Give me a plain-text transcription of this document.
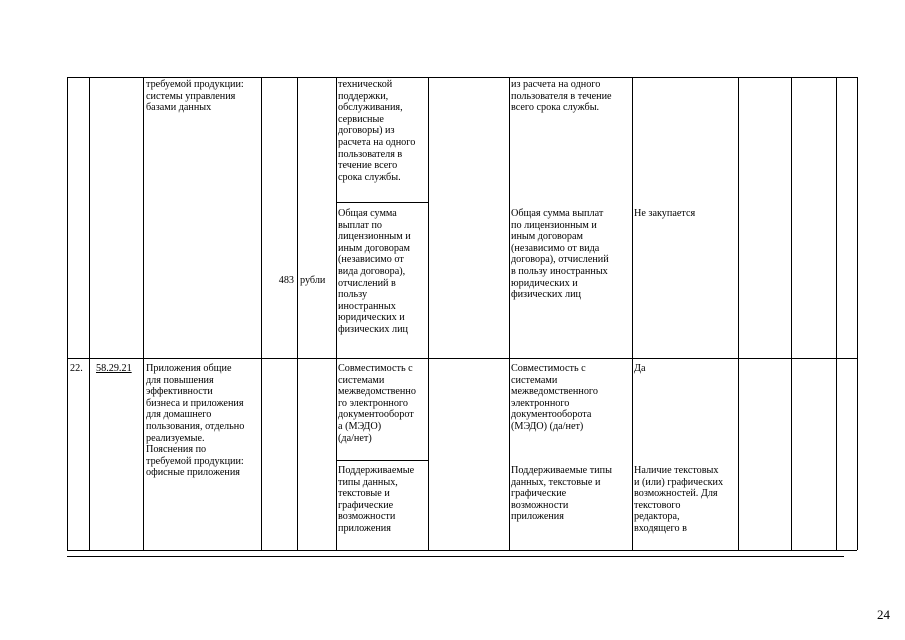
требуемой продукции:
системы управления
базами данных
технической
поддержки,
обслуживания,
сервисные
договоры) из
расчета на одного
пользователя в
течение всего
срока службы.
из расчета на одного
пользователя в течение
всего срока службы.
483 рубли
Общая сумма
выплат по
лицензионным и
иным договорам
(независимо от
вида договора),
отчислений в
пользу
иностранных
юридических и
физических лиц
Общая сумма выплат
по лицензионным и
иным договорам
(независимо от вида
договора), отчислений
в пользу иностранных
юридических и
физических лиц
Не закупается
22.	58.29.21	Приложения общие
для повышения
эффективности
бизнеса и приложения
для домашнего
пользования, отдельно
реализуемые.
Пояснения по
требуемой продукции:
офисные приложения
Совместимость с
системами
межведомственно
го электронного
документооборот
а (МЭДО)
(да/нет)
Совместимость с
системами
межведомственного
электронного
документооборота
(МЭДО) (да/нет)
Да
Поддерживаемые
типы данных,
текстовые и
графические
возможности
приложения
Поддерживаемые типы
данных, текстовые и
графические
возможности
приложения
Наличие текстовых
и (или) графических
возможностей. Для
текстового
редактора,
входящего в
24
